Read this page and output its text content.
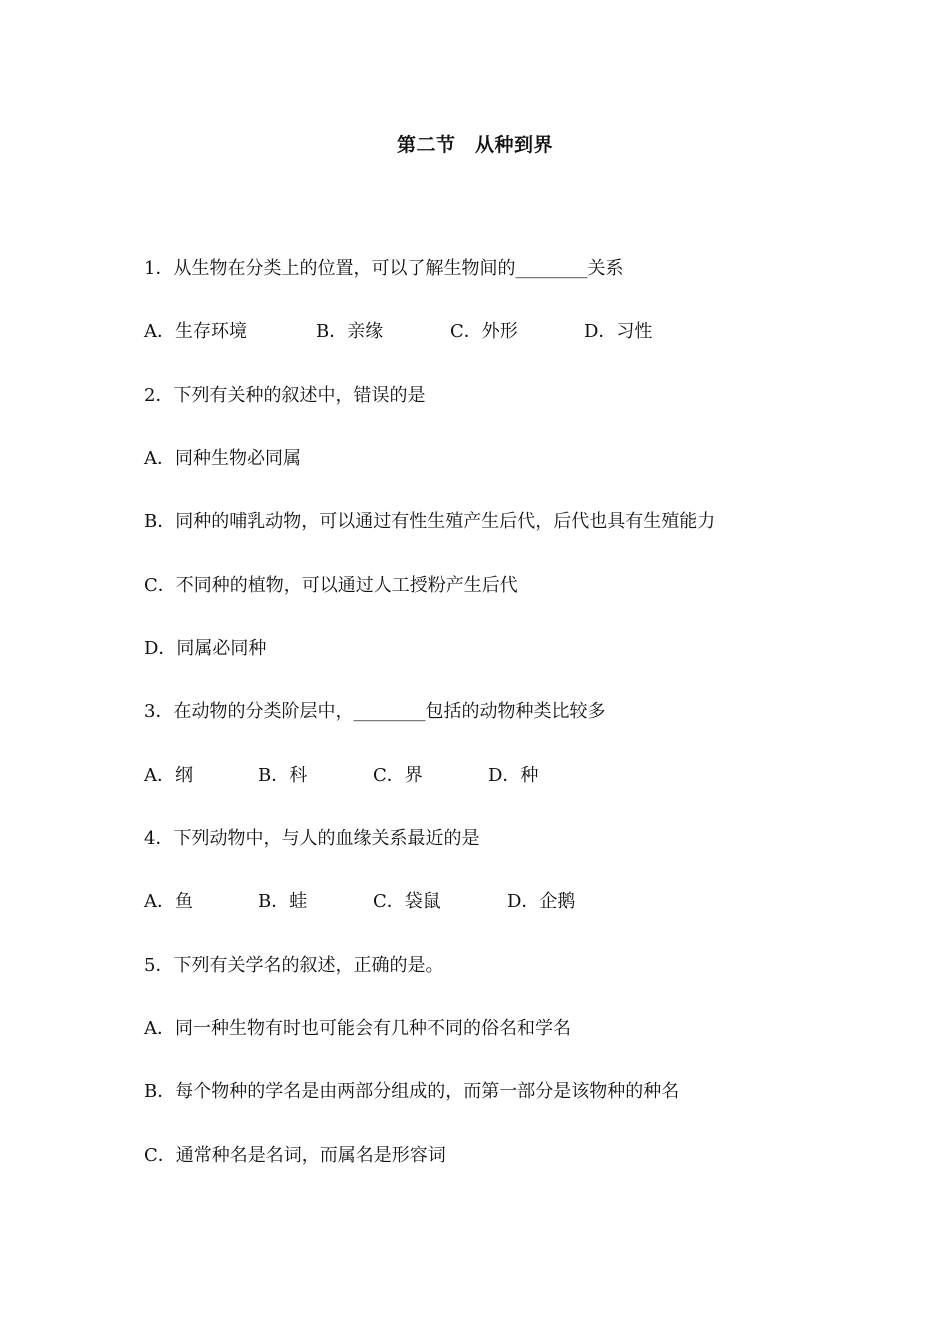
第二节　从种到界
1．从生物在分类上的位置，可以了解生物间的________关系

A．生存环境

	B．亲缘

	C．外形

	D．习性

2．下列有关种的叙述中，错误的是
A．同种生物必同属
B．同种的哺乳动物，可以通过有性生殖产生后代，后代也具有生殖能力
C．不同种的植物，可以通过人工授粉产生后代
D．同属必同种
3．在动物的分类阶层中，________包括的动物种类比较多

A．纲

	B．科

	C．界

	D．种

4．下列动物中，与人的血缘关系最近的是

A．鱼

	B．蛙

	C．袋鼠

	D．企鹅

5．下列有关学名的叙述，正确的是。
A．同一种生物有时也可能会有几种不同的俗名和学名
B．每个物种的学名是由两部分组成的，而第一部分是该物种的种名
C．通常种名是名词，而属名是形容词
